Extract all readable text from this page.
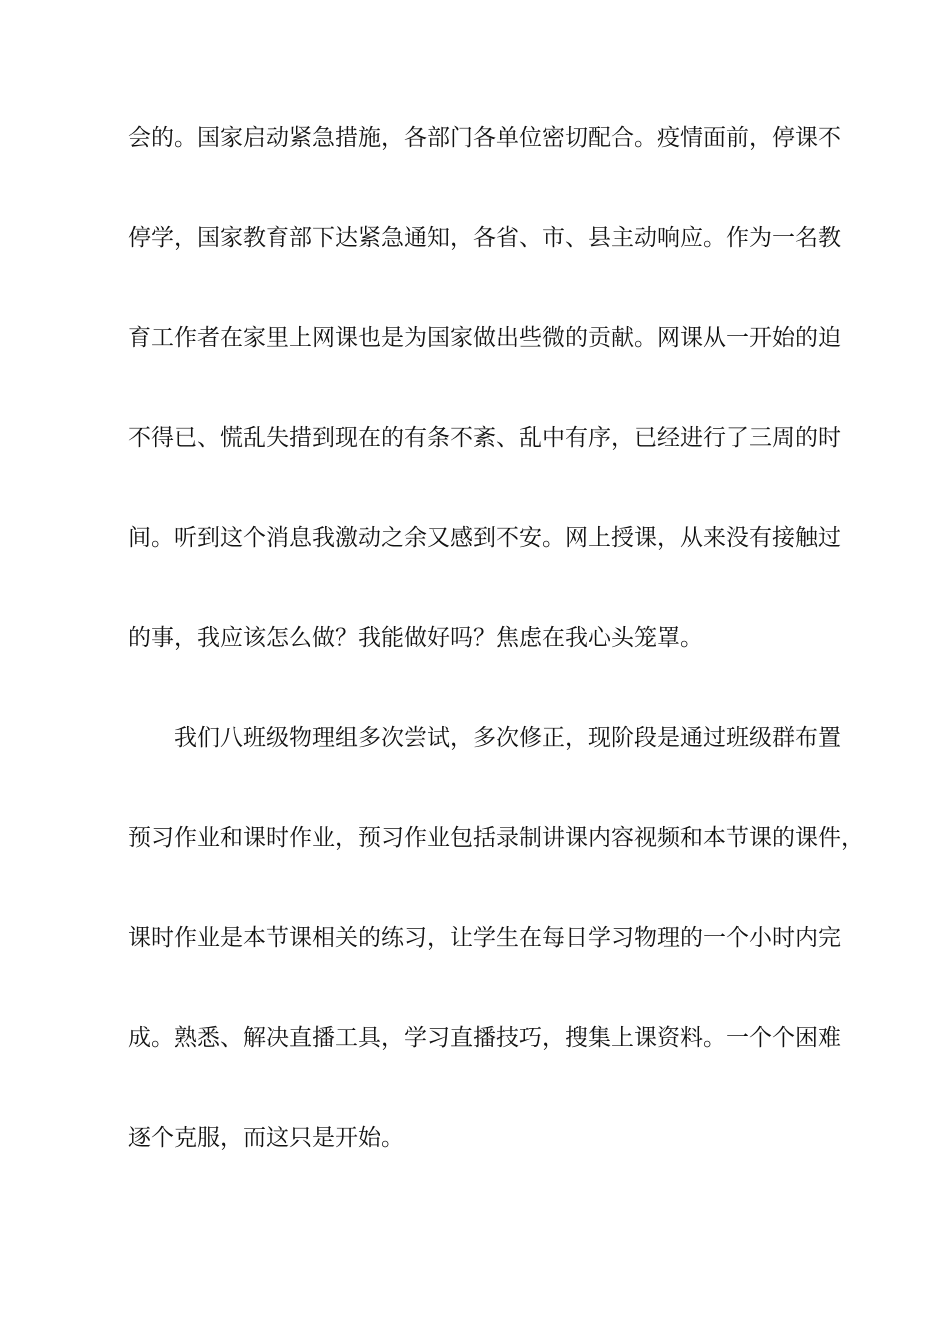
会的。国家启动紧急措施，各部门各单位密切配合。疫情面前，停课不

停学，国家教育部下达紧急通知，各省、市、县主动响应。作为一名教

育工作者在家里上网课也是为国家做出些微的贡献。网课从一开始的迫

不得已、慌乱失措到现在的有条不紊、乱中有序，已经进行了三周的时

间。听到这个消息我激动之余又感到不安。网上授课，从来没有接触过

的事，我应该怎么做？我能做好吗？焦虑在我心头笼罩。

我们八班级物理组多次尝试，多次修正，现阶段是通过班级群布置

预习作业和课时作业，预习作业包括录制讲课内容视频和本节课的课件，

课时作业是本节课相关的练习，让学生在每日学习物理的一个小时内完

成。熟悉、解决直播工具，学习直播技巧，搜集上课资料。一个个困难

逐个克服，而这只是开始。
